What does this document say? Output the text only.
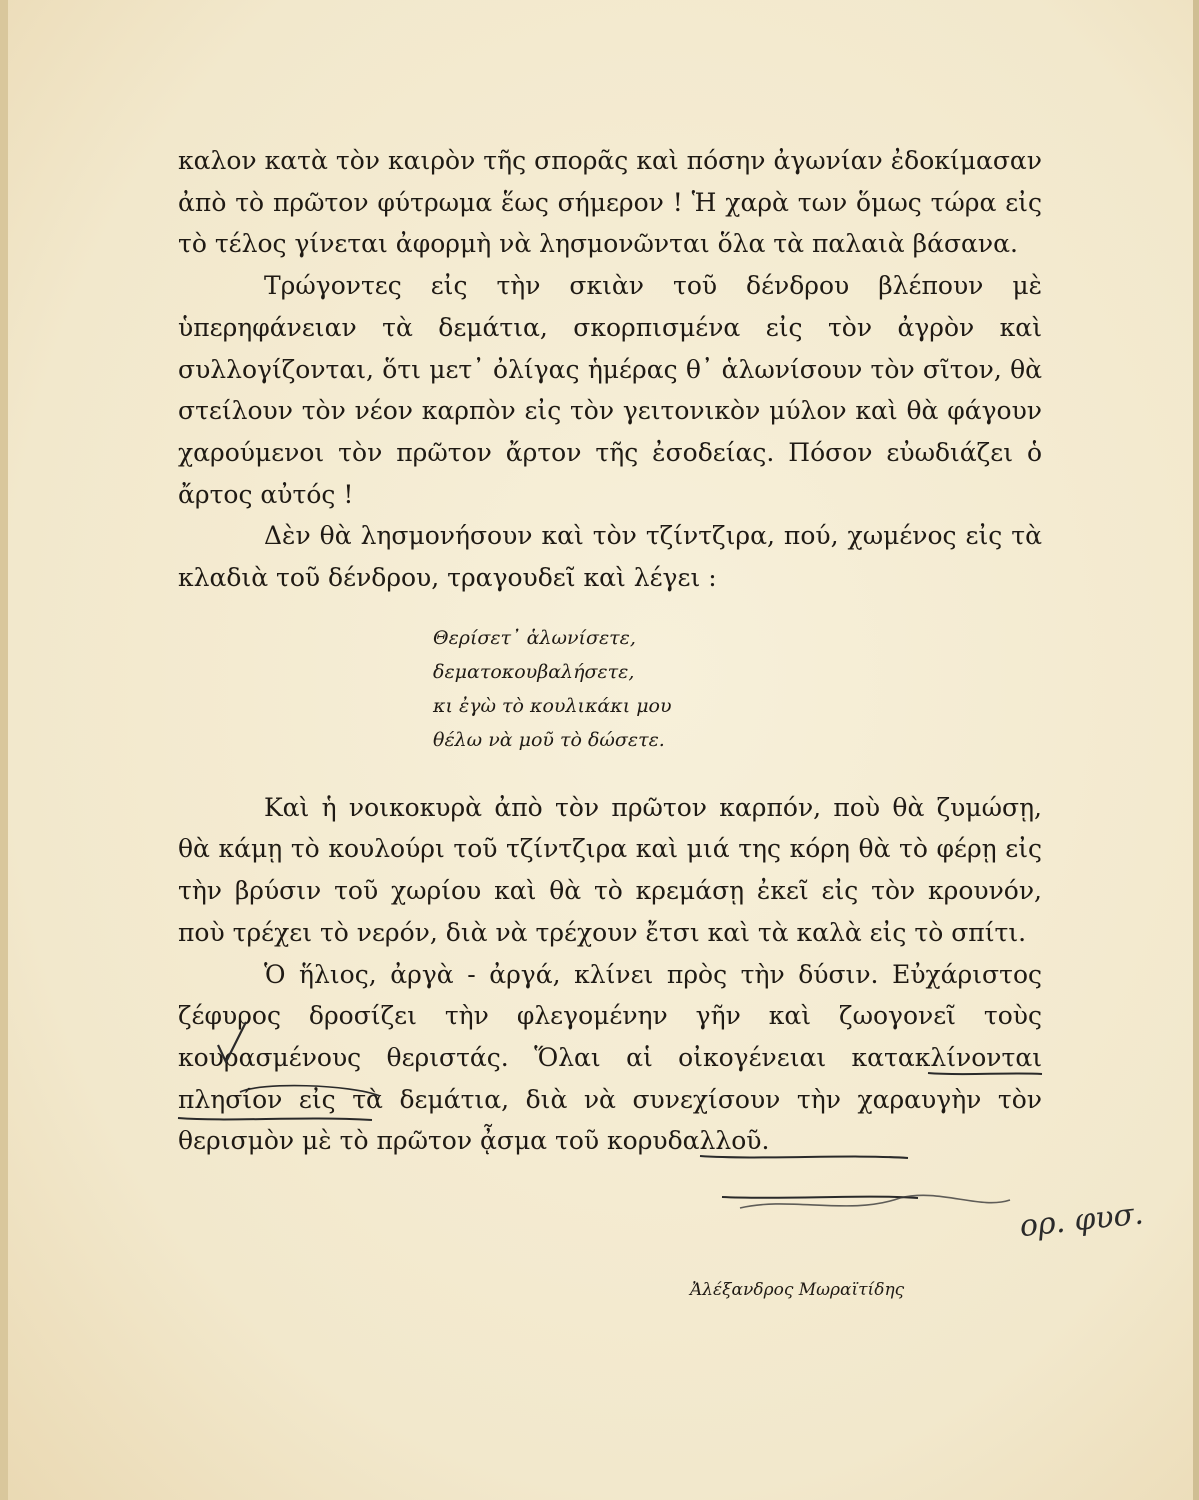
καλον κατὰ τὸν καιρὸν τῆς σπορᾶς καὶ πόσην ἀγωνίαν ἐδοκίμασαν ἀπὸ τὸ πρῶτον φύτρωμα ἕως σήμερον ! Ἡ χαρὰ των ὅμως τώρα εἰς τὸ τέλος γίνεται ἀφορμὴ νὰ λησμονῶνται ὅλα τὰ παλαιὰ βάσανα.

Τρώγοντες εἰς τὴν σκιὰν τοῦ δένδρου βλέπουν μὲ ὑπερηφάνειαν τὰ δεμάτια, σκορπισμένα εἰς τὸν ἀγρὸν καὶ συλλογίζονται, ὅτι μετ᾽ ὀλίγας ἡμέρας θ᾽ ἁλωνίσουν τὸν σῖτον, θὰ στείλουν τὸν νέον καρπὸν εἰς τὸν γειτονικὸν μύλον καὶ θὰ φάγουν χαρούμενοι τὸν πρῶτον ἄρτον τῆς ἐσοδείας. Πόσον εὐωδιάζει ὁ ἄρτος αὐτός !

Δὲν θὰ λησμονήσουν καὶ τὸν τζίντζιρα, πού, χωμένος εἰς τὰ κλαδιὰ τοῦ δένδρου, τραγουδεῖ καὶ λέγει :

Θερίσετ᾽ ἁλωνίσετε,
δεματοκουβαλήσετε,
κι ἐγὼ τὸ κουλικάκι μου
θέλω νὰ μοῦ τὸ δώσετε.

Καὶ ἡ νοικοκυρὰ ἀπὸ τὸν πρῶτον καρπόν, ποὺ θὰ ζυμώσῃ, θὰ κάμῃ τὸ κουλούρι τοῦ τζίντζιρα καὶ μιά της κόρη θὰ τὸ φέρῃ εἰς τὴν βρύσιν τοῦ χωρίου καὶ θὰ τὸ κρεμάσῃ ἐκεῖ εἰς τὸν κρουνόν, ποὺ τρέχει τὸ νερόν, διὰ νὰ τρέχουν ἔτσι καὶ τὰ καλὰ εἰς τὸ σπίτι.

Ὁ ἥλιος, ἀργὰ - ἀργά, κλίνει πρὸς τὴν δύσιν. Εὐχάριστος ζέφυρος δροσίζει τὴν φλεγομένην γῆν καὶ ζωογονεῖ τοὺς κουρασμένους θεριστάς. Ὅλαι αἱ οἰκογένειαι κατακλίνονται πλησίον εἰς τὰ δεμάτια, διὰ νὰ συνεχίσουν τὴν χαραυγὴν τὸν θερισμὸν μὲ τὸ πρῶτον ᾆσμα τοῦ κορυδαλλοῦ.

Ἀλέξανδρος Μωραϊτίδης
ορ. φυσ.
